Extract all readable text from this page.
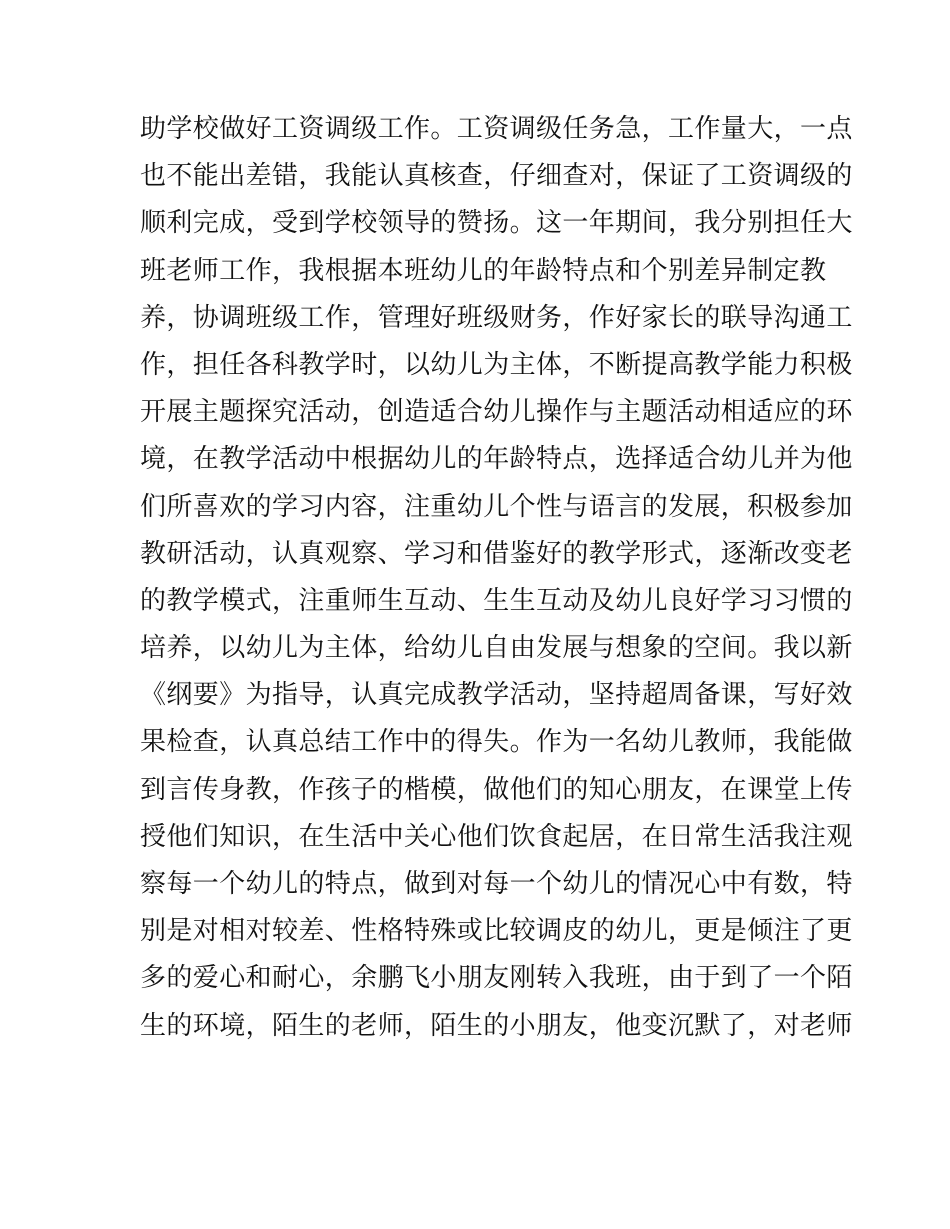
助学校做好工资调级工作。工资调级任务急，工作量大，一点
也不能出差错，我能认真核查，仔细查对，保证了工资调级的
顺利完成，受到学校领导的赞扬。这一年期间，我分别担任大
班老师工作，我根据本班幼儿的年龄特点和个别差异制定教
养，协调班级工作，管理好班级财务，作好家长的联导沟通工
作，担任各科教学时，以幼儿为主体，不断提高教学能力积极
开展主题探究活动，创造适合幼儿操作与主题活动相适应的环
境，在教学活动中根据幼儿的年龄特点，选择适合幼儿并为他
们所喜欢的学习内容，注重幼儿个性与语言的发展，积极参加
教研活动，认真观察、学习和借鉴好的教学形式，逐渐改变老
的教学模式，注重师生互动、生生互动及幼儿良好学习习惯的
培养，以幼儿为主体，给幼儿自由发展与想象的空间。我以新
《纲要》为指导，认真完成教学活动，坚持超周备课，写好效
果检查，认真总结工作中的得失。作为一名幼儿教师，我能做
到言传身教，作孩子的楷模，做他们的知心朋友，在课堂上传
授他们知识，在生活中关心他们饮食起居，在日常生活我注观
察每一个幼儿的特点，做到对每一个幼儿的情况心中有数，特
别是对相对较差、性格特殊或比较调皮的幼儿，更是倾注了更
多的爱心和耐心，余鹏飞小朋友刚转入我班，由于到了一个陌
生的环境，陌生的老师，陌生的小朋友，他变沉默了，对老师
